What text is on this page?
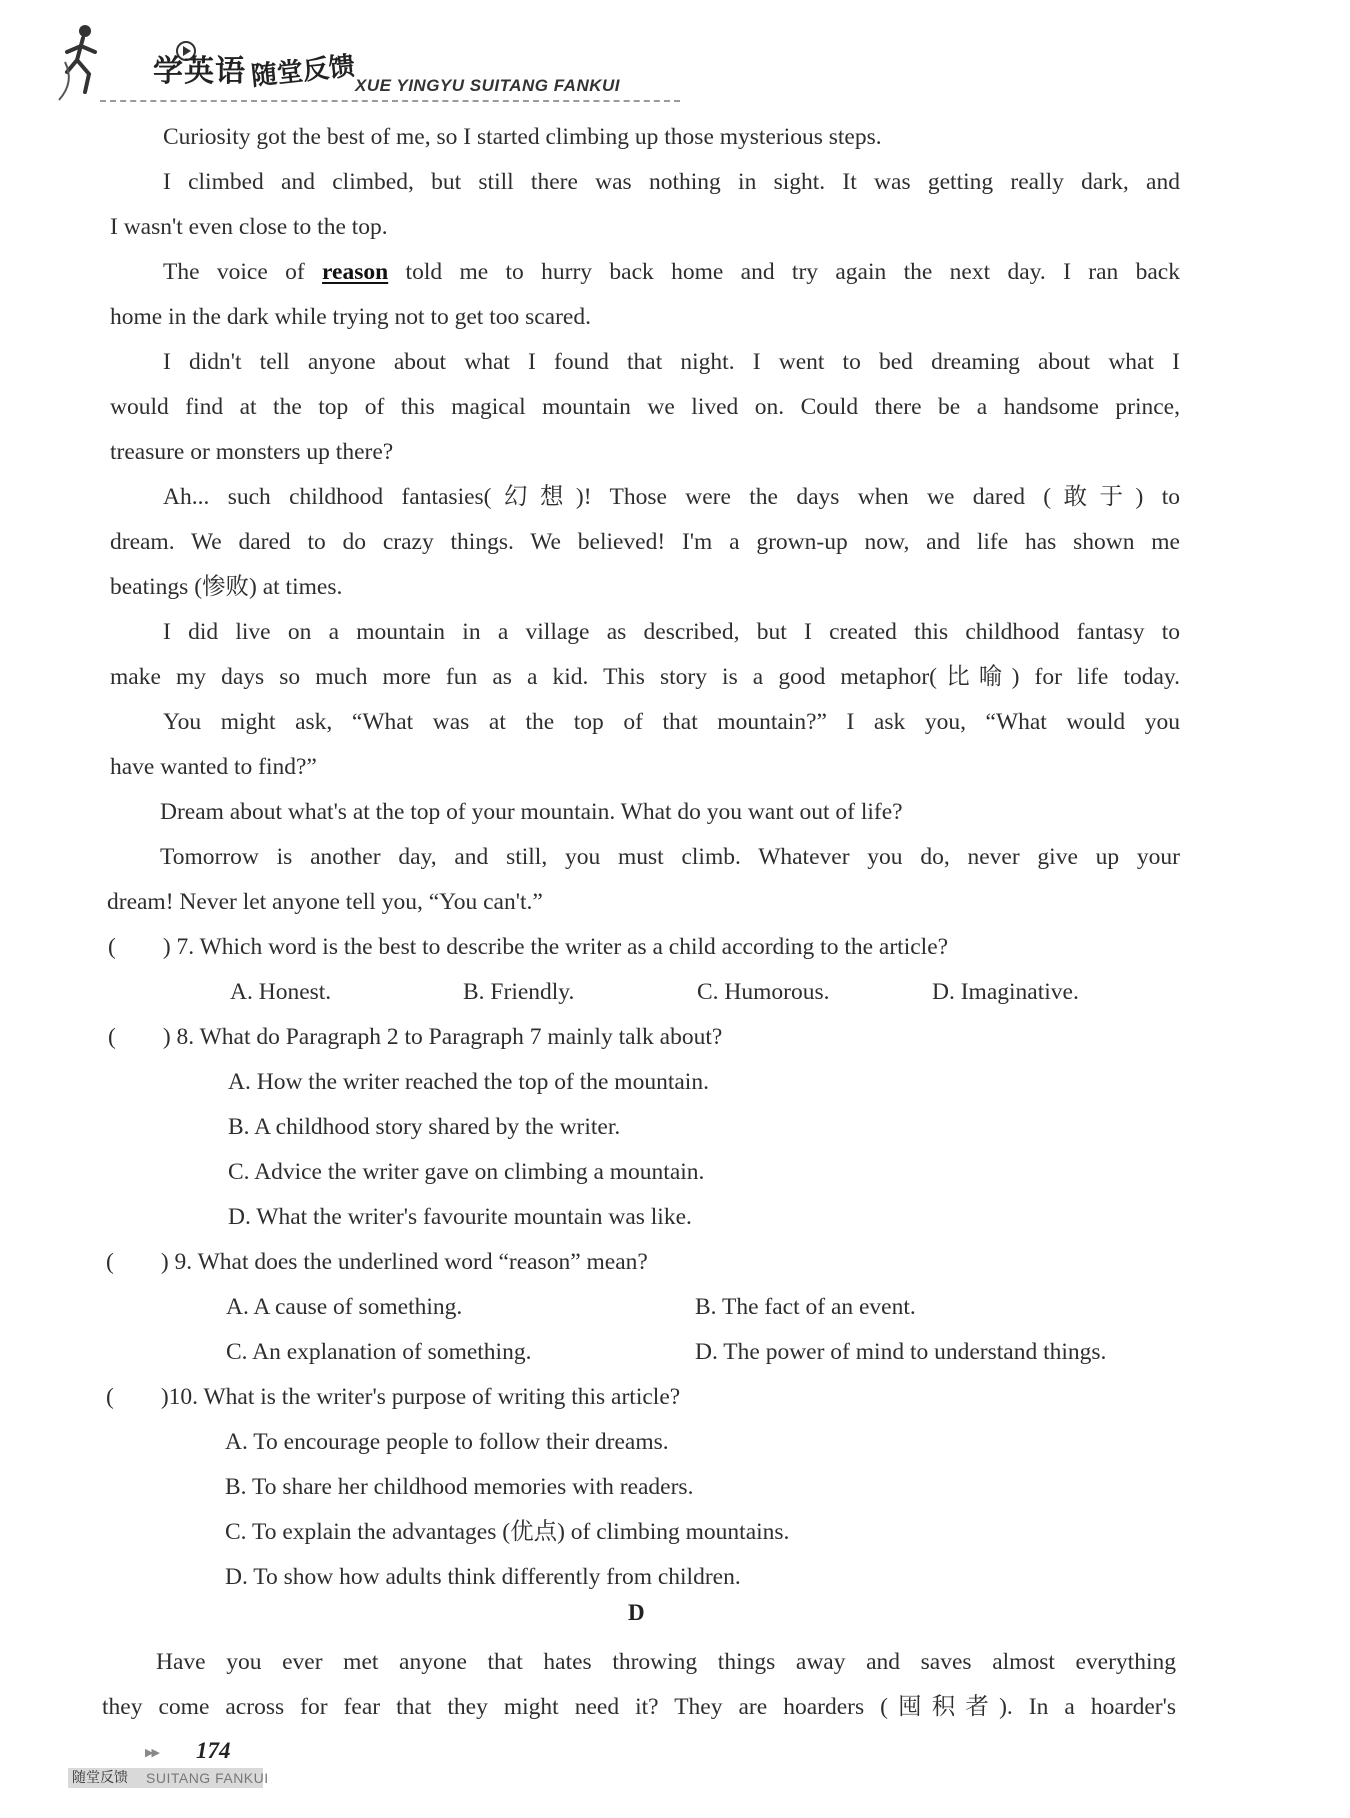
学英语 随堂反馈
XUE YINGYU SUITANG FANKUI
Curiosity got the best of me, so I started climbing up those mysterious steps.
I climbed and climbed, but still there was nothing in sight. It was getting really dark, and
I wasn't even close to the top.
The voice of reason told me to hurry back home and try again the next day. I ran back
home in the dark while trying not to get too scared.
I didn't tell anyone about what I found that night. I went to bed dreaming about what I
would find at the top of this magical mountain we lived on. Could there be a handsome prince,
treasure or monsters up there?
Ah... such childhood fantasies(幻想)! Those were the days when we dared (敢于) to
dream. We dared to do crazy things. We believed! I'm a grown-up now, and life has shown me
beatings (惨败) at times.
I did live on a mountain in a village as described, but I created this childhood fantasy to
make my days so much more fun as a kid. This story is a good metaphor(比喻) for life today.
You might ask, “What was at the top of that mountain?” I ask you, “What would you
have wanted to find?”
Dream about what's at the top of your mountain. What do you want out of life?
Tomorrow is another day, and still, you must climb. Whatever you do, never give up your
dream! Never let anyone tell you, “You can't.”
(　　) 7. Which word is the best to describe the writer as a child according to the article?
A. Honest.	B. Friendly.	C. Humorous.	D. Imaginative.
(　　) 8. What do Paragraph 2 to Paragraph 7 mainly talk about?
A. How the writer reached the top of the mountain.
B. A childhood story shared by the writer.
C. Advice the writer gave on climbing a mountain.
D. What the writer's favourite mountain was like.
(　　) 9. What does the underlined word “reason” mean?
A. A cause of something.	B. The fact of an event.
C. An explanation of something.	D. The power of mind to understand things.
(　　)10. What is the writer's purpose of writing this article?
A. To encourage people to follow their dreams.
B. To share her childhood memories with readers.
C. To explain the advantages (优点) of climbing mountains.
D. To show how adults think differently from children.
D
Have you ever met anyone that hates throwing things away and saves almost everything
they come across for fear that they might need it? They are hoarders (囤积者). In a hoarder's
▶▶ 174
随堂反馈 SUITANG FANKUI
